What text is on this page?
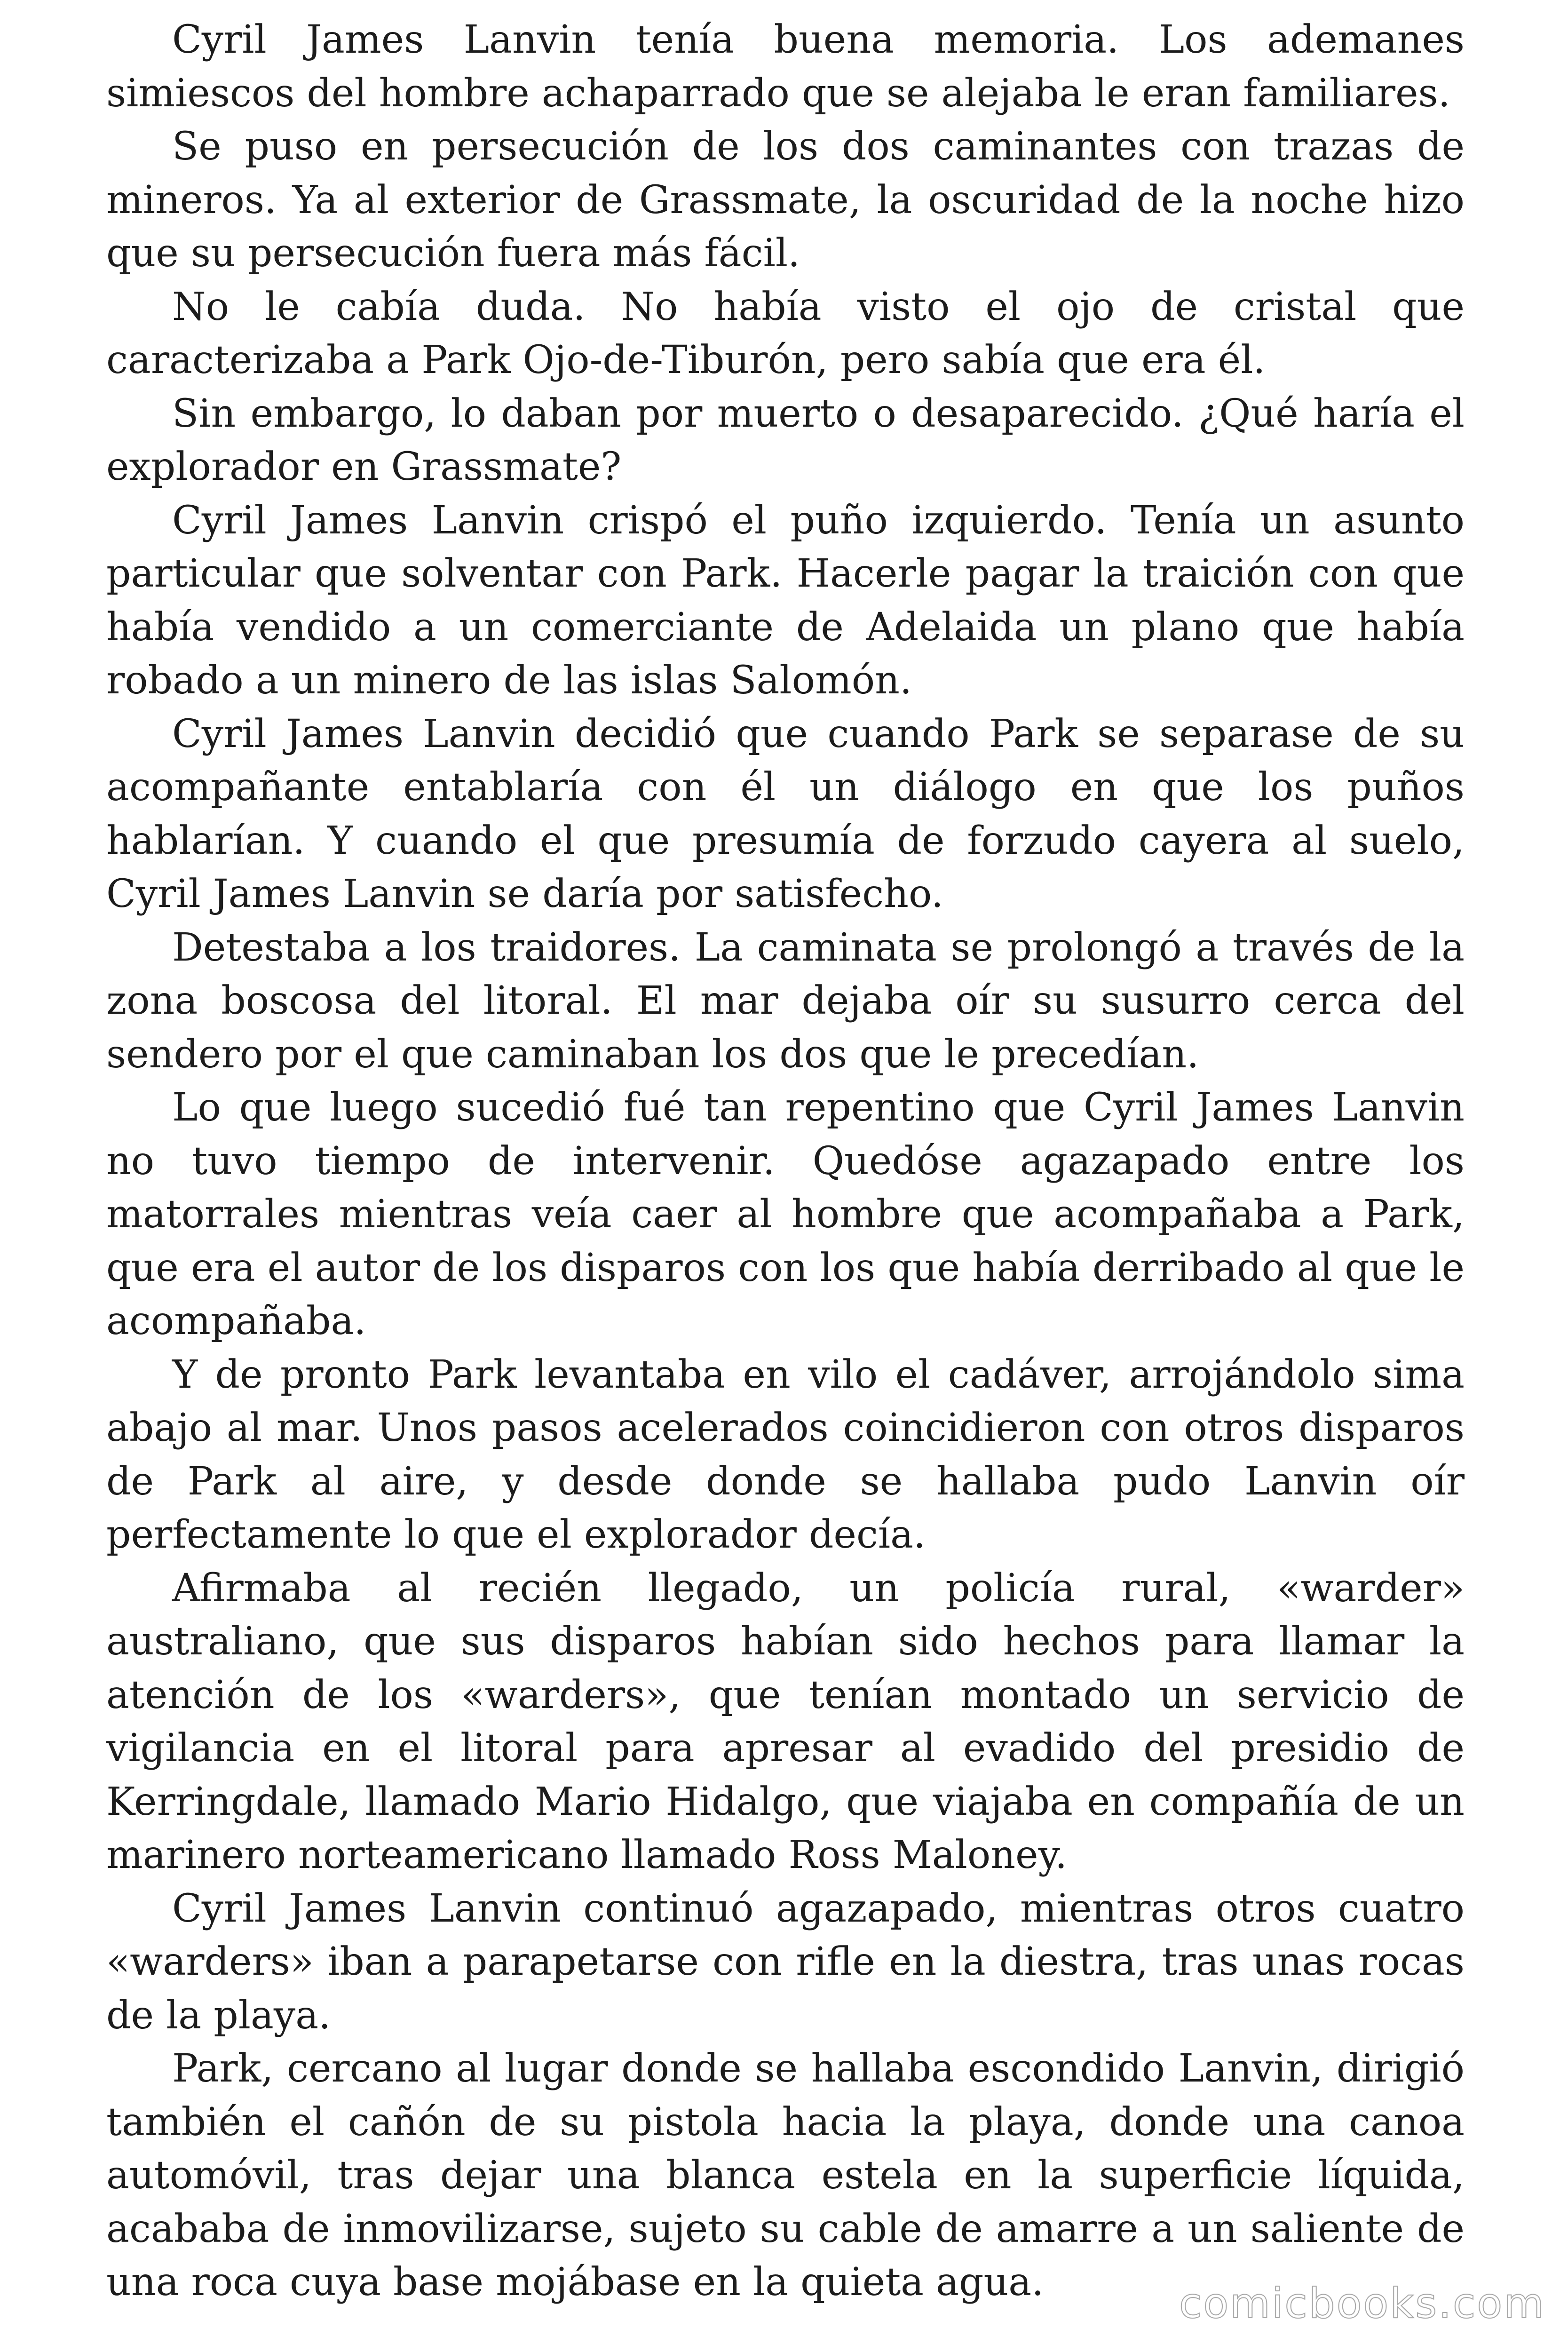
Cyril James Lanvin tenía buena memoria. Los ademanes simiescos del hombre achaparrado que se alejaba le eran familiares.

Se puso en persecución de los dos caminantes con trazas de mineros. Ya al exterior de Grassmate, la oscuridad de la noche hizo que su persecución fuera más fácil.

No le cabía duda. No había visto el ojo de cristal que caracterizaba a Park Ojo-de-Tiburón, pero sabía que era él.

Sin embargo, lo daban por muerto o desaparecido. ¿Qué haría el explorador en Grassmate?

Cyril James Lanvin crispó el puño izquierdo. Tenía un asunto particular que solventar con Park. Hacerle pagar la traición con que había vendido a un comerciante de Adelaida un plano que había robado a un minero de las islas Salomón.

Cyril James Lanvin decidió que cuando Park se separase de su acompañante entablaría con él un diálogo en que los puños hablarían. Y cuando el que presumía de forzudo cayera al suelo, Cyril James Lanvin se daría por satisfecho.

Detestaba a los traidores. La caminata se prolongó a través de la zona boscosa del litoral. El mar dejaba oír su susurro cerca del sendero por el que caminaban los dos que le precedían.

Lo que luego sucedió fué tan repentino que Cyril James Lanvin no tuvo tiempo de intervenir. Quedóse agazapado entre los matorrales mientras veía caer al hombre que acompañaba a Park, que era el autor de los disparos con los que había derribado al que le acompañaba.

Y de pronto Park levantaba en vilo el cadáver, arrojándolo sima abajo al mar. Unos pasos acelerados coincidieron con otros disparos de Park al aire, y desde donde se hallaba pudo Lanvin oír perfectamente lo que el explorador decía.

Afirmaba al recién llegado, un policía rural, «warder» australiano, que sus disparos habían sido hechos para llamar la atención de los «warders», que tenían montado un servicio de vigilancia en el litoral para apresar al evadido del presidio de Kerringdale, llamado Mario Hidalgo, que viajaba en compañía de un marinero norteamericano llamado Ross Maloney.

Cyril James Lanvin continuó agazapado, mientras otros cuatro «warders» iban a parapetarse con rifle en la diestra, tras unas rocas de la playa.

Park, cercano al lugar donde se hallaba escondido Lanvin, dirigió también el cañón de su pistola hacia la playa, donde una canoa automóvil, tras dejar una blanca estela en la superficie líquida, acababa de inmovilizarse, sujeto su cable de amarre a un saliente de una roca cuya base mojábase en la quieta agua.	comicbooks.com
